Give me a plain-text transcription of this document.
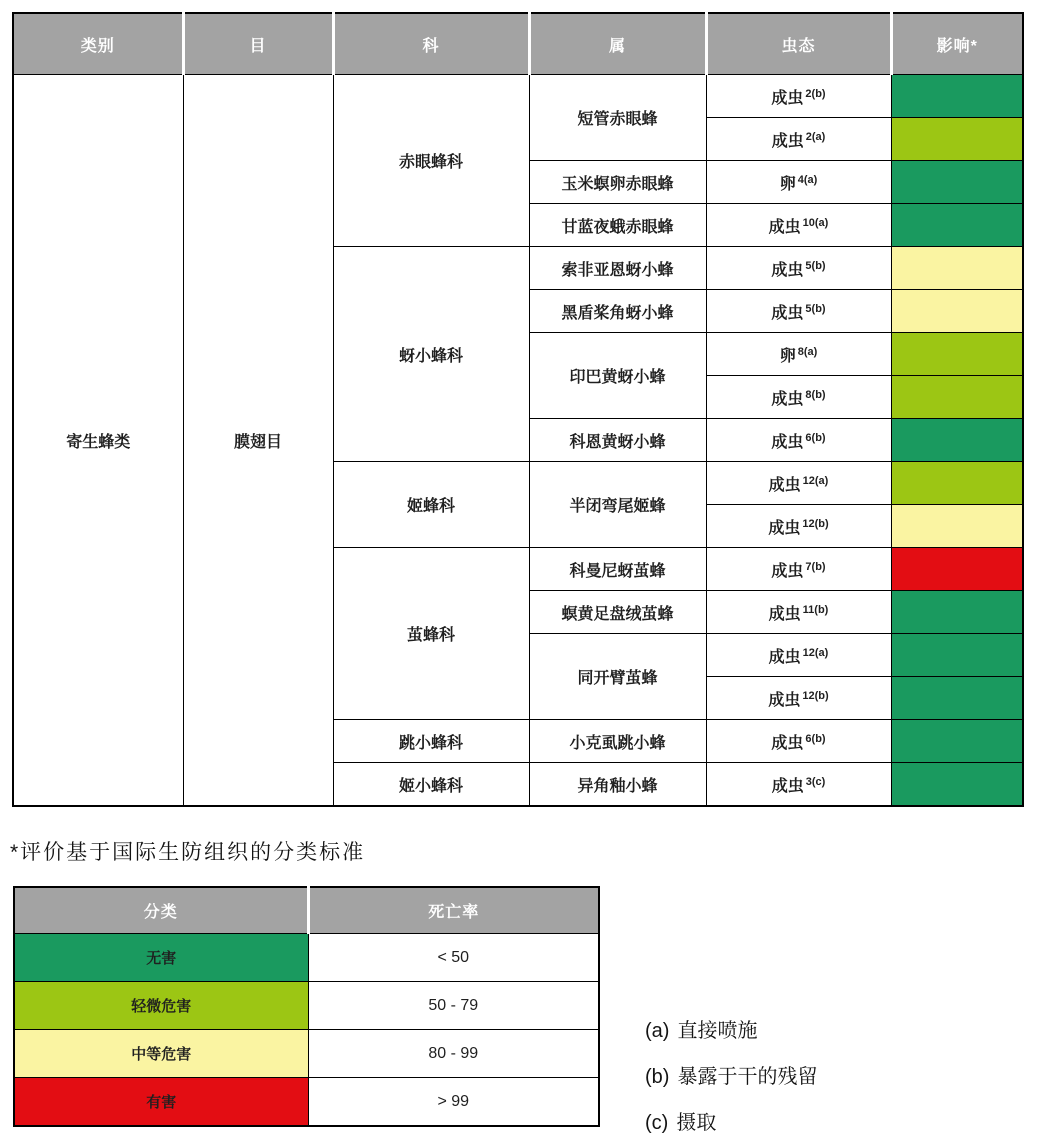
类别	目	科	属	虫态	影响*
寄生蜂类	膜翅目	赤眼蜂科	短管赤眼蜂	成虫 $^{2(b)}$	
				成虫 $^{2(a)}$	
			玉米螟卵赤眼蜂	卵 $^{4(a)}$	
			甘蓝夜蛾赤眼蜂	成虫 $^{10(a)}$	
		蚜小蜂科	索非亚恩蚜小蜂	成虫 $^{5(b)}$	
			黑盾桨角蚜小蜂	成虫 $^{5(b)}$	
			印巴黄蚜小蜂	卵 $^{8(a)}$	
				成虫 $^{8(b)}$	
			科恩黄蚜小蜂	成虫 $^{6(b)}$	
		姬蜂科	半闭弯尾姬蜂	成虫 $^{12(a)}$	
				成虫 $^{12(b)}$	
		茧蜂科	科曼尼蚜茧蜂	成虫 $^{7(b)}$	
			螟黄足盘绒茧蜂	成虫 $^{11(b)}$	
			同开臂茧蜂	成虫 $^{12(a)}$	
				成虫 $^{12(b)}$	
		跳小蜂科	小克虱跳小蜂	成虫 $^{6(b)}$	
		姬小蜂科	异角釉小蜂	成虫 $^{3(c)}$	
*评价基于国际生防组织的分类标准
分类	死亡率
无害	< 50
轻微危害	50 - 79
中等危害	80 - 99
有害	> 99
(a) 直接喷施
(b) 暴露于干的残留
(c) 摄取
